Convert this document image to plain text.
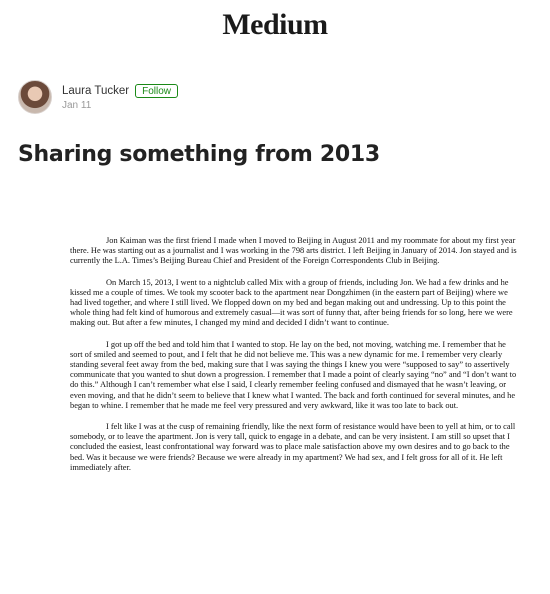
Medium
Laura Tucker	Follow
Jan 11
Sharing something from 2013

Jon Kaiman was the first friend I made when I moved to Beijing in August 2011 and my roommate for about my first year there. He was starting out as a journalist and I was working in the 798 arts district. I left Beijing in January of 2014. Jon stayed and is currently the L.A. Times’s Beijing Bureau Chief and President of the Foreign Correspondents Club in Beijing.

On March 15, 2013, I went to a nightclub called Mix with a group of friends, including Jon. We had a few drinks and he kissed me a couple of times. We took my scooter back to the apartment near Dongzhimen (in the eastern part of Beijing) where we had lived together, and where I still lived. We flopped down on my bed and began making out and undressing. Up to this point the whole thing had felt kind of humorous and extremely casual—it was sort of funny that, after being friends for so long, here we were making out. But after a few minutes, I changed my mind and decided I didn’t want to continue.

I got up off the bed and told him that I wanted to stop. He lay on the bed, not moving, watching me. I remember that he sort of smiled and seemed to pout, and I felt that he did not believe me. This was a new dynamic for me. I remember very clearly standing several feet away from the bed, making sure that I was saying the things I knew you were “supposed to say” to assertively communicate that you wanted to shut down a progression. I remember that I made a point of clearly saying “no” and “I don’t want to do this.” Although I can’t remember what else I said, I clearly remember feeling confused and dismayed that he wasn’t leaving, or even moving, and that he didn’t seem to believe that I knew what I wanted. The back and forth continued for several minutes, and he began to whine. I remember that he made me feel very pressured and very awkward, like it was too late to back out.

I felt like I was at the cusp of remaining friendly, like the next form of resistance would have been to yell at him, or to call somebody, or to leave the apartment. Jon is very tall, quick to engage in a debate, and can be very insistent. I am still so upset that I concluded the easiest, least confrontational way forward was to place male satisfaction above my own desires and to go back to the bed. Was it because we were friends? Because we were already in my apartment? We had sex, and I felt gross for all of it. He left immediately after.
